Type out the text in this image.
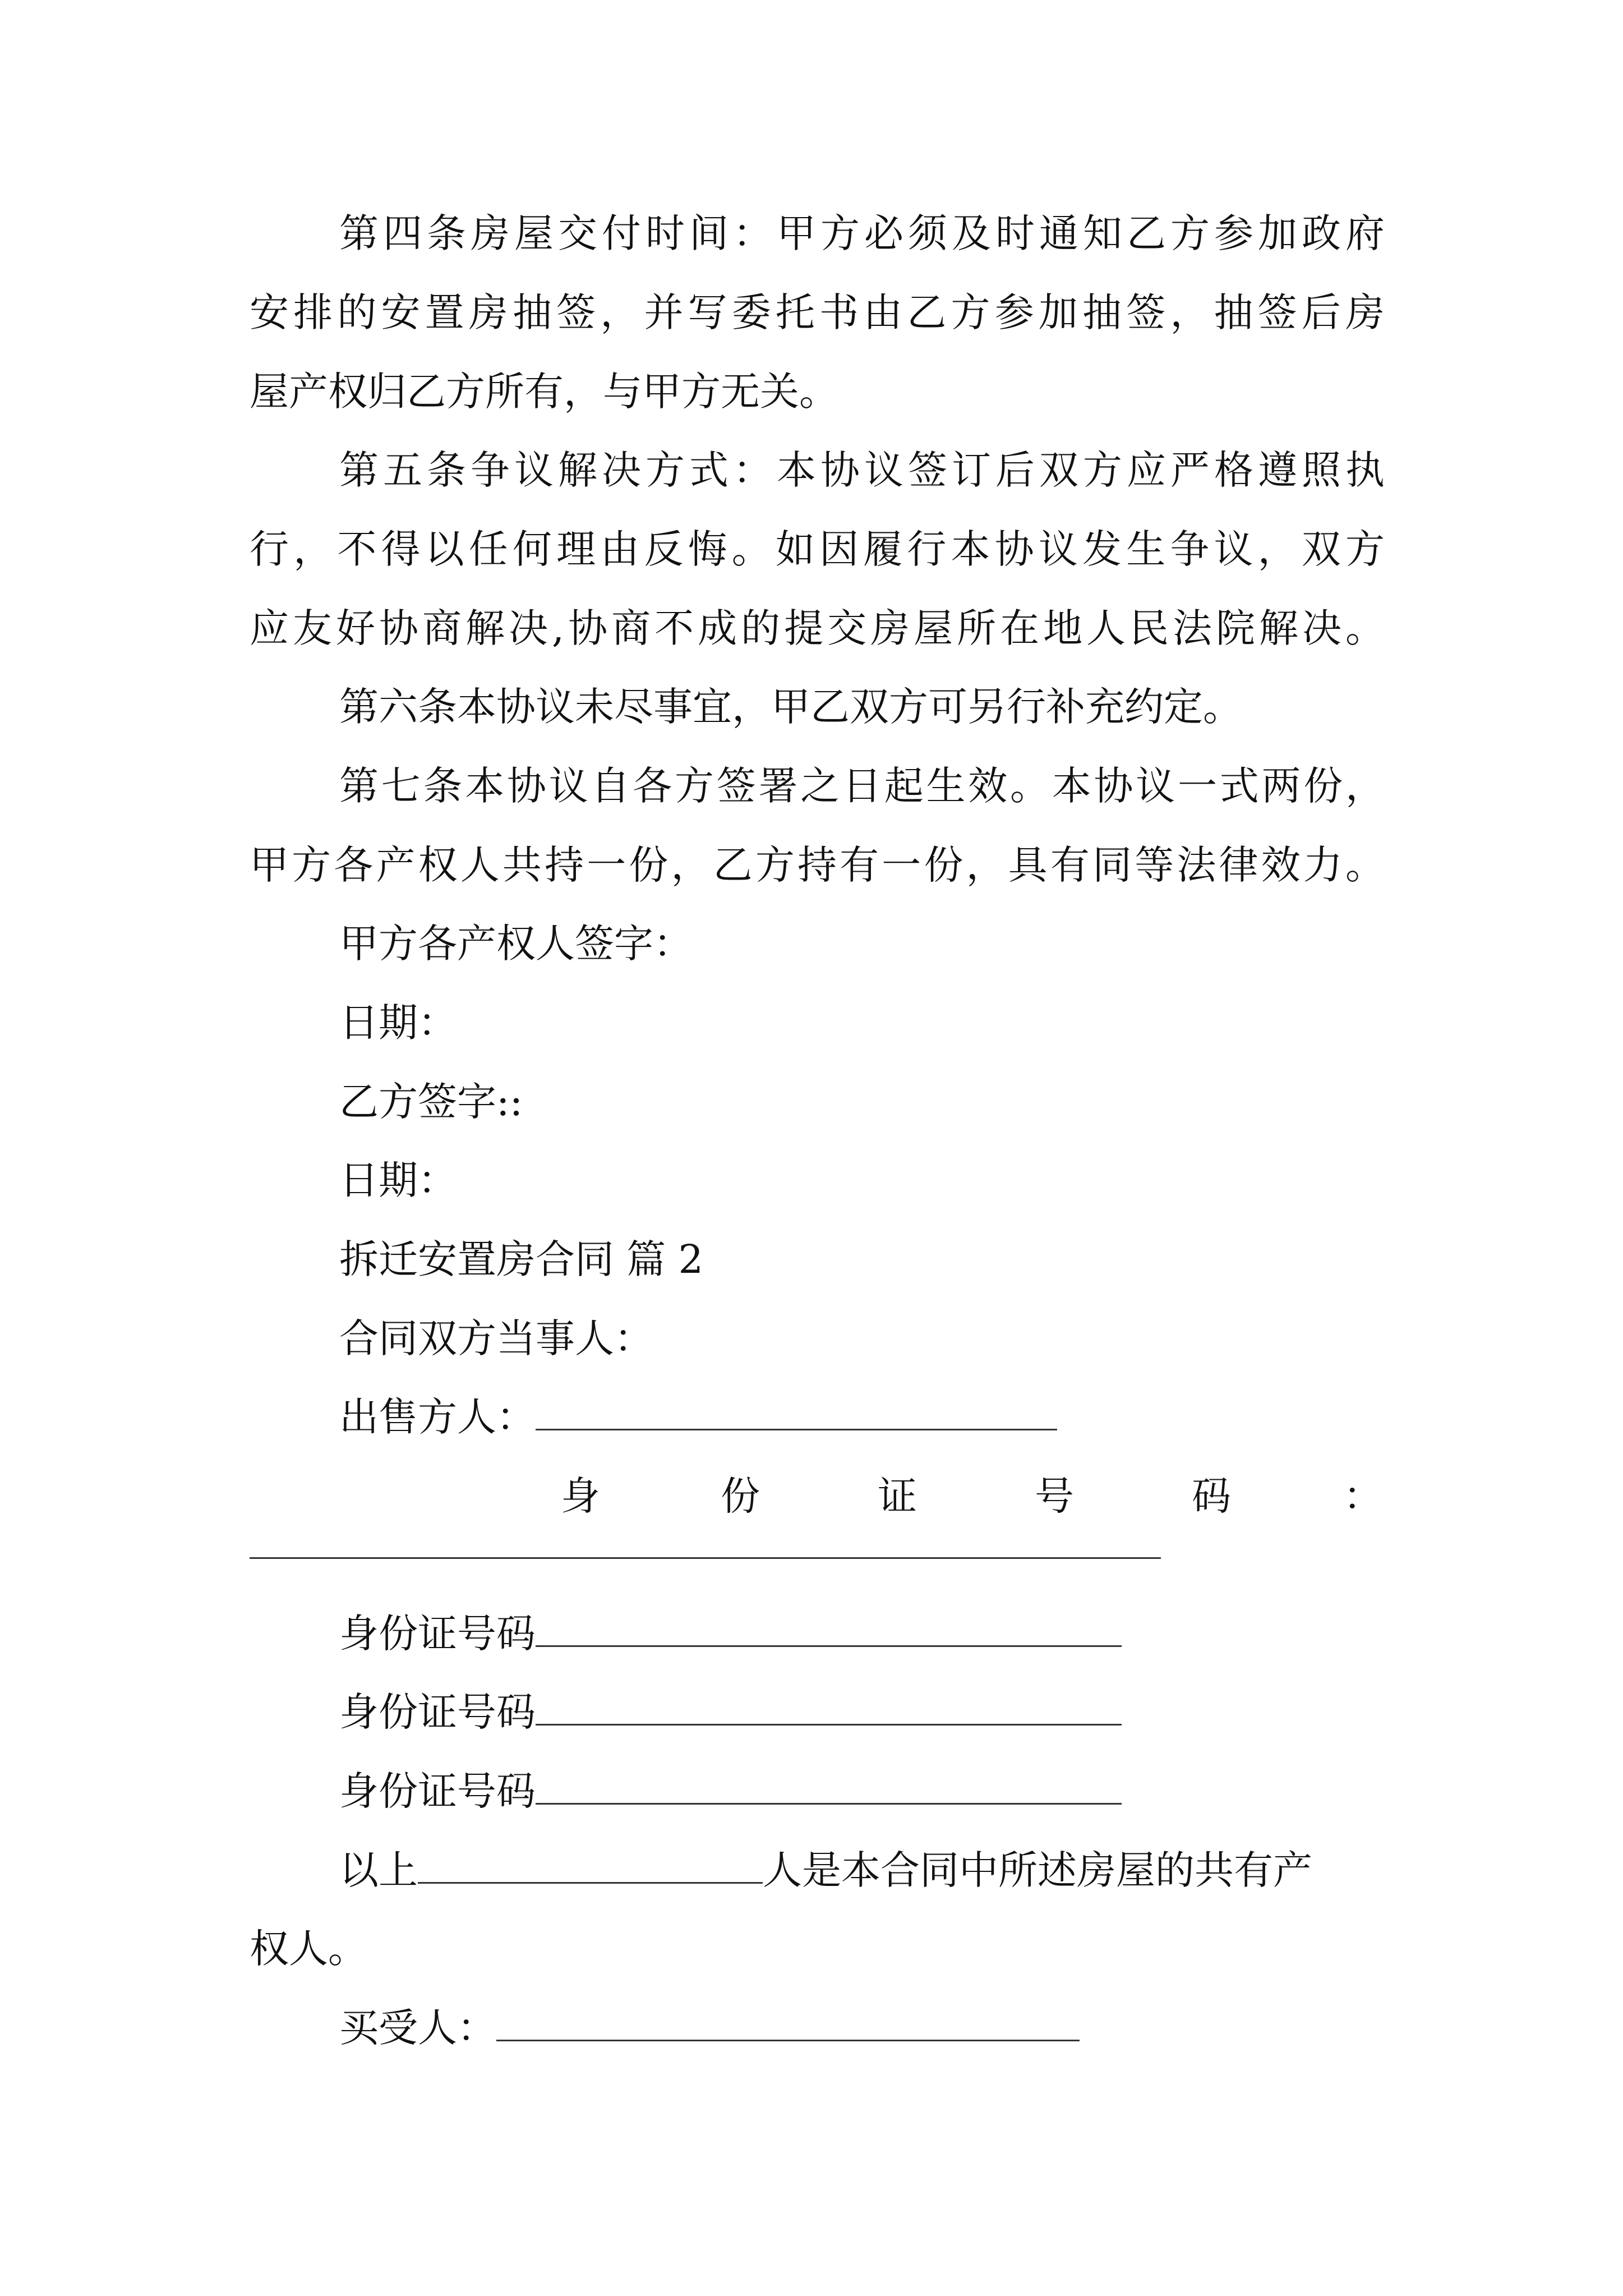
第四条房屋交付时间：甲方必须及时通知乙方参加政府

安排的安置房抽签，并写委托书由乙方参加抽签，抽签后房

屋产权归乙方所有，与甲方无关。

第五条争议解决方式：本协议签订后双方应严格遵照执

行，不得以任何理由反悔。如因履行本协议发生争议，双方

应友好协商解决,协商不成的提交房屋所在地人民法院解决。

第六条本协议未尽事宜，甲乙双方可另行补充约定。

第七条本协议自各方签署之日起生效。本协议一式两份，

甲方各产权人共持一份，乙方持有一份，具有同等法律效力。

甲方各产权人签字：

日期：

乙方签字::

日期：

拆迁安置房合同 篇 2

合同双方当事人：

出售方人：

身	份	证	号	码	：

身份证号码

身份证号码

身份证号码

以上	人是本合同中所述房屋的共有产

权人。

买受人：
